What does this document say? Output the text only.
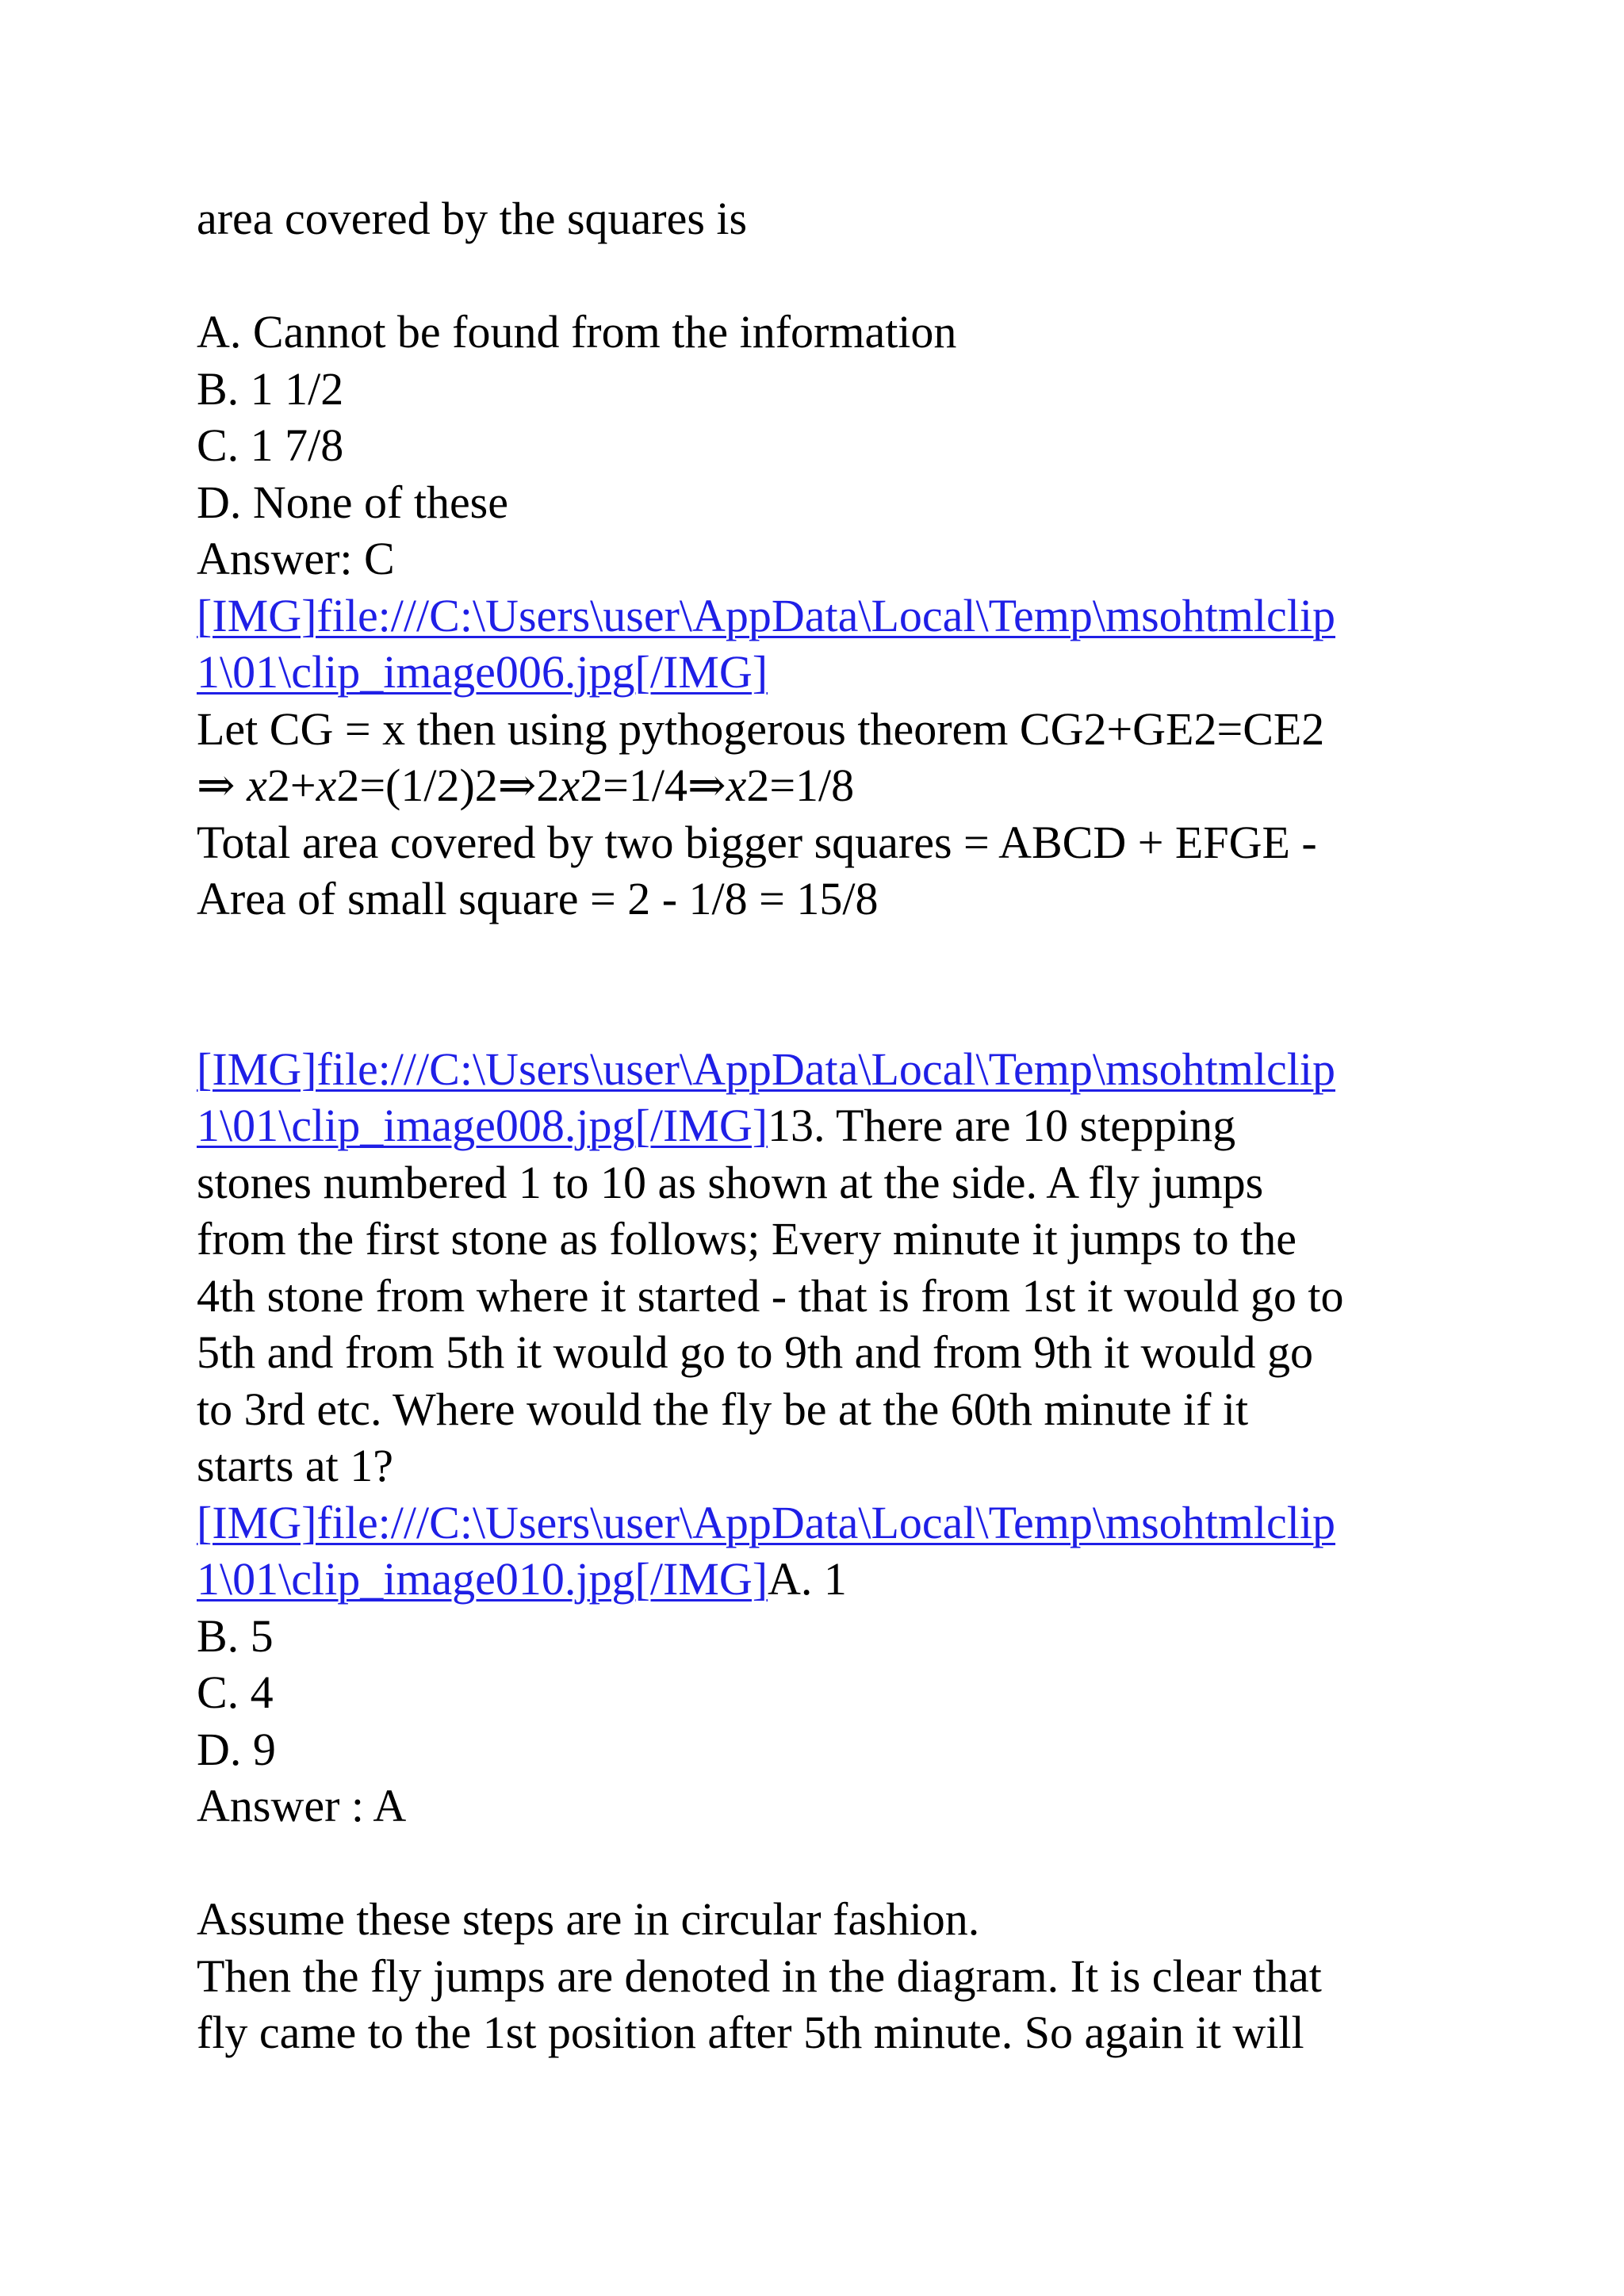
area covered by the squares is
A. Cannot be found from the information
B. 1 1/2
C. 1 7/8
D. None of these
Answer: C
[IMG]file:///C:\Users\user\AppData\Local\Temp\msohtmlclip
1\01\clip_image006.jpg[/IMG]
Let CG = x then using pythogerous theorem CG2+GE2=CE2
⇒ x2+x2=(1/2)2⇒2x2=1/4⇒x2=1/8
Total area covered by two bigger squares = ABCD + EFGE -
Area of small square = 2 - 1/8 = 15/8
[IMG]file:///C:\Users\user\AppData\Local\Temp\msohtmlclip
1\01\clip_image008.jpg[/IMG]13. There are 10 stepping
stones numbered 1 to 10 as shown at the side. A fly jumps
from the first stone as follows; Every minute it jumps to the
4th stone from where it started - that is from 1st it would go to
5th and from 5th it would go to 9th and from 9th it would go
to 3rd etc. Where would the fly be at the 60th minute if it
starts at 1?
[IMG]file:///C:\Users\user\AppData\Local\Temp\msohtmlclip
1\01\clip_image010.jpg[/IMG]A. 1
B. 5
C. 4
D. 9
Answer : A
Assume these steps are in circular fashion.
Then the fly jumps are denoted in the diagram. It is clear that
fly came to the 1st position after 5th minute. So again it will
